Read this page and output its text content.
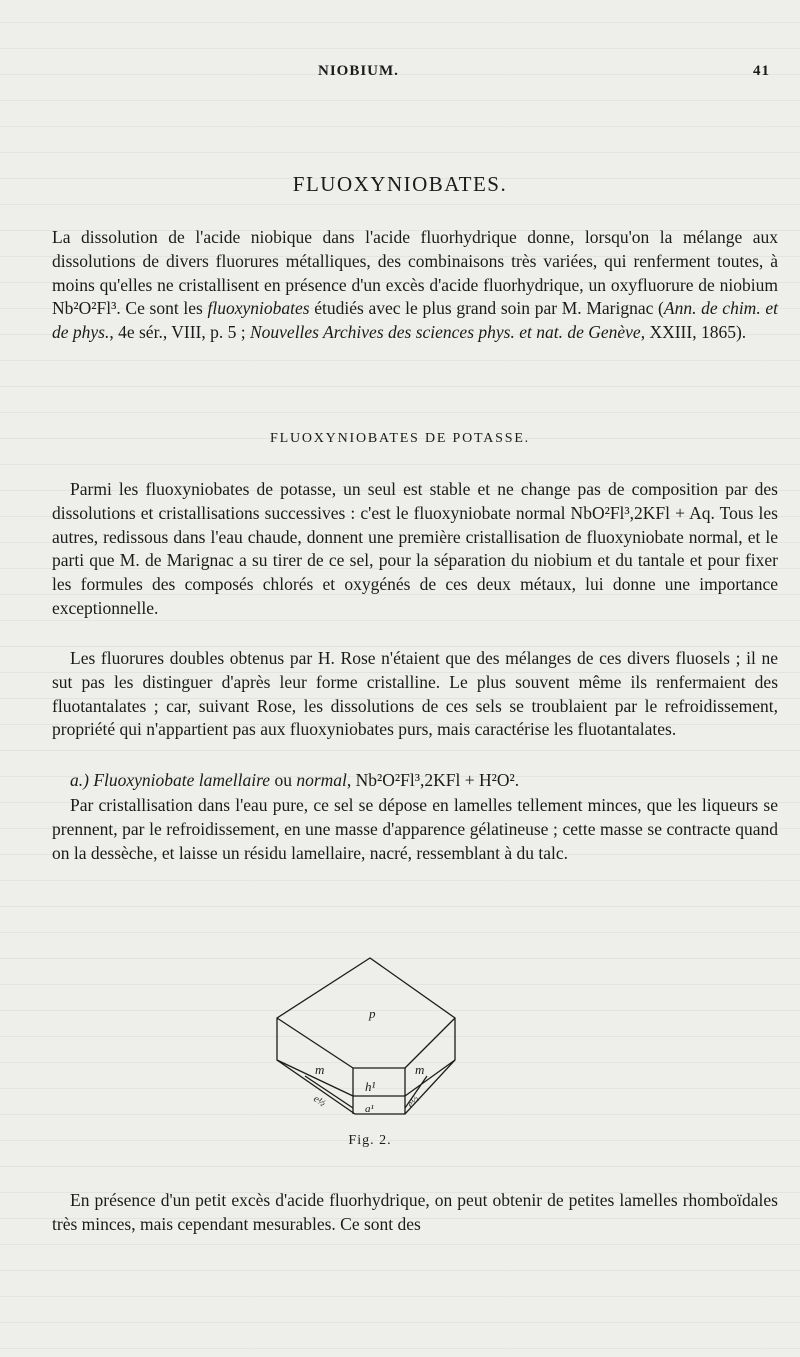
NIOBIUM.	41
FLUOXYNIOBATES.

La dissolution de l'acide niobique dans l'acide fluorhydrique donne, lorsqu'on la mélange aux dissolutions de divers fluorures métalliques, des combinaisons très variées, qui renferment toutes, à moins qu'elles ne cristallisent en présence d'un excès d'acide fluorhydrique, un oxyfluorure de niobium Nb²O²Fl³. Ce sont les fluoxyniobates étudiés avec le plus grand soin par M. Marignac (Ann. de chim. et de phys., 4e sér., VIII, p. 5 ; Nouvelles Archives des sciences phys. et nat. de Genève, XXIII, 1865).

FLUOXYNIOBATES DE POTASSE.

Parmi les fluoxyniobates de potasse, un seul est stable et ne change pas de composition par des dissolutions et cristallisations successives : c'est le fluoxyniobate normal NbO²Fl³,2KFl + Aq. Tous les autres, redissous dans l'eau chaude, donnent une première cristallisation de fluoxyniobate normal, et le parti que M. de Marignac a su tirer de ce sel, pour la séparation du niobium et du tantale et pour fixer les formules des composés chlorés et oxygénés de ces deux métaux, lui donne une importance exceptionnelle.

Les fluorures doubles obtenus par H. Rose n'étaient que des mélanges de ces divers fluosels ; il ne sut pas les distinguer d'après leur forme cristalline. Le plus souvent même ils renfermaient des fluotantalates ; car, suivant Rose, les dissolutions de ces sels se troublaient par le refroidissement, propriété qui n'appartient pas aux fluoxyniobates purs, mais caractérise les fluotantalates.

a.) Fluoxyniobate lamellaire ou normal, Nb²O²Fl³,2KFl + H²O².

Par cristallisation dans l'eau pure, ce sel se dépose en lamelles tellement minces, que les liqueurs se prennent, par le refroidissement, en une masse d'apparence gélatineuse ; cette masse se contracte quand on la dessèche, et laisse un résidu lamellaire, nacré, ressemblant à du talc.

p
m	m
h¹
a¹
e½	e½
Fig. 2.

En présence d'un petit excès d'acide fluorhydrique, on peut obtenir de petites lamelles rhomboïdales très minces, mais cependant mesurables. Ce sont des
